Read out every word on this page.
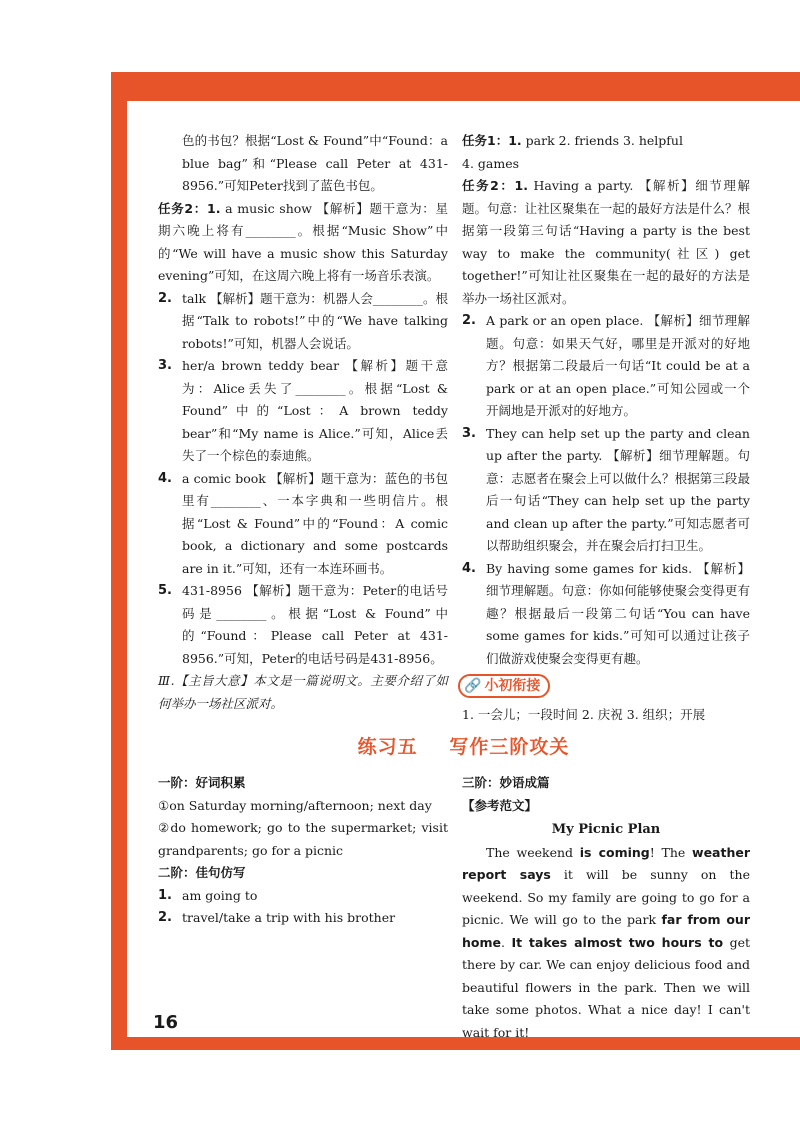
色的书包？根据“Lost & Found”中“Found：a blue bag”和“Please call Peter at 431-8956.”可知Peter找到了蓝色书包。
任务2：1. a music show 【解析】题干意为：星期六晚上将有________。根据“Music Show”中的“We will have a music show this Saturday evening”可知，在这周六晚上将有一场音乐表演。
2. talk 【解析】题干意为：机器人会________。根据“Talk to robots!”中的“We have talking robots!”可知，机器人会说话。
3. her/a brown teddy bear 【解析】题干意为：Alice丢失了________。根据“Lost & Found”中的“Lost：A brown teddy bear”和“My name is Alice.”可知，Alice丢失了一个棕色的泰迪熊。
4. a comic book 【解析】题干意为：蓝色的书包里有________、一本字典和一些明信片。根据“Lost & Found”中的“Found：A comic book, a dictionary and some postcards are in it.”可知，还有一本连环画书。
5. 431-8956 【解析】题干意为：Peter的电话号码是________。根据“Lost & Found”中的“Found：Please call Peter at 431-8956.”可知，Peter的电话号码是431-8956。
Ⅲ.【主旨大意】本文是一篇说明文。主要介绍了如何举办一场社区派对。
任务1：1. park 2. friends 3. helpful
4. games
任务2：1. Having a party. 【解析】细节理解题。句意：让社区聚集在一起的最好方法是什么？根据第一段第三句话“Having a party is the best way to make the community(社区) get together!”可知让社区聚集在一起的最好的方法是举办一场社区派对。
2. A park or an open place. 【解析】细节理解题。句意：如果天气好，哪里是开派对的好地方？根据第二段最后一句话“It could be at a park or at an open place.”可知公园或一个开阔地是开派对的好地方。
3. They can help set up the party and clean up after the party. 【解析】细节理解题。句意：志愿者在聚会上可以做什么？根据第三段最后一句话“They can help set up the party and clean up after the party.”可知志愿者可以帮助组织聚会，并在聚会后打扫卫生。
4. By having some games for kids. 【解析】细节理解题。句意：你如何能够使聚会变得更有趣？根据最后一段第二句话“You can have some games for kids.”可知可以通过让孩子们做游戏使聚会变得更有趣。
🔗 小初衔接
1. 一会儿；一段时间 2. 庆祝 3. 组织；开展
练习五 写作三阶攻关
一阶：好词积累
①on Saturday morning/afternoon; next day
②do homework; go to the supermarket; visit grandparents; go for a picnic
二阶：佳句仿写
1. am going to
2. travel/take a trip with his brother
三阶：妙语成篇
【参考范文】
My Picnic Plan
The weekend is coming! The weather report says it will be sunny on the weekend. So my family are going to go for a picnic. We will go to the park far from our home. It takes almost two hours to get there by car. We can enjoy delicious food and beautiful flowers in the park. Then we will take some photos. What a nice day! I can't wait for it!
16
